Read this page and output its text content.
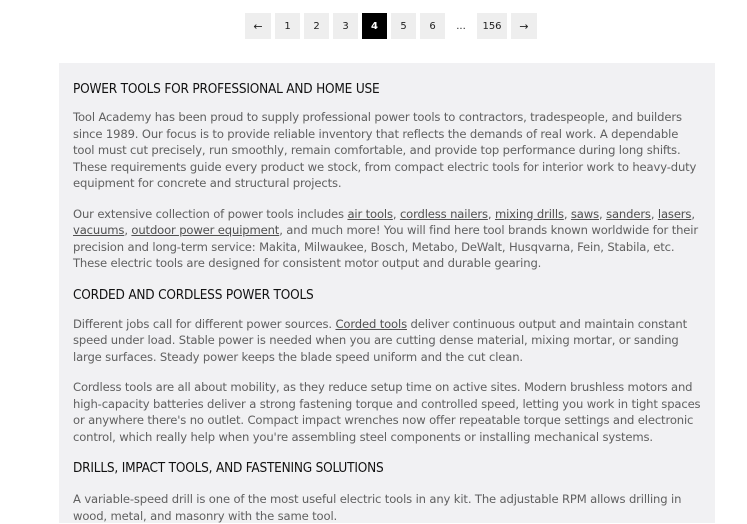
←	1	2	3	4	5	6	...	156	→
POWER TOOLS FOR PROFESSIONAL AND HOME USE

Tool Academy has been proud to supply professional power tools to contractors, tradespeople, and builders since 1989. Our focus is to provide reliable inventory that reflects the demands of real work. A dependable tool must cut precisely, run smoothly, remain comfortable, and provide top performance during long shifts. These requirements guide every product we stock, from compact electric tools for interior work to heavy-duty equipment for concrete and structural projects.

Our extensive collection of power tools includes air tools, cordless nailers, mixing drills, saws, sanders, lasers, vacuums, outdoor power equipment, and much more! You will find here tool brands known worldwide for their precision and long-term service: Makita, Milwaukee, Bosch, Metabo, DeWalt, Husqvarna, Fein, Stabila, etc. These electric tools are designed for consistent motor output and durable gearing.

CORDED AND CORDLESS POWER TOOLS

Different jobs call for different power sources. Corded tools deliver continuous output and maintain constant speed under load. Stable power is needed when you are cutting dense material, mixing mortar, or sanding large surfaces. Steady power keeps the blade speed uniform and the cut clean.

Cordless tools are all about mobility, as they reduce setup time on active sites. Modern brushless motors and high-capacity batteries deliver a strong fastening torque and controlled speed, letting you work in tight spaces or anywhere there's no outlet. Compact impact wrenches now offer repeatable torque settings and electronic control, which really help when you're assembling steel components or installing mechanical systems.

DRILLS, IMPACT TOOLS, AND FASTENING SOLUTIONS

A variable-speed drill is one of the most useful electric tools in any kit. The adjustable RPM allows drilling in wood, metal, and masonry with the same tool.
